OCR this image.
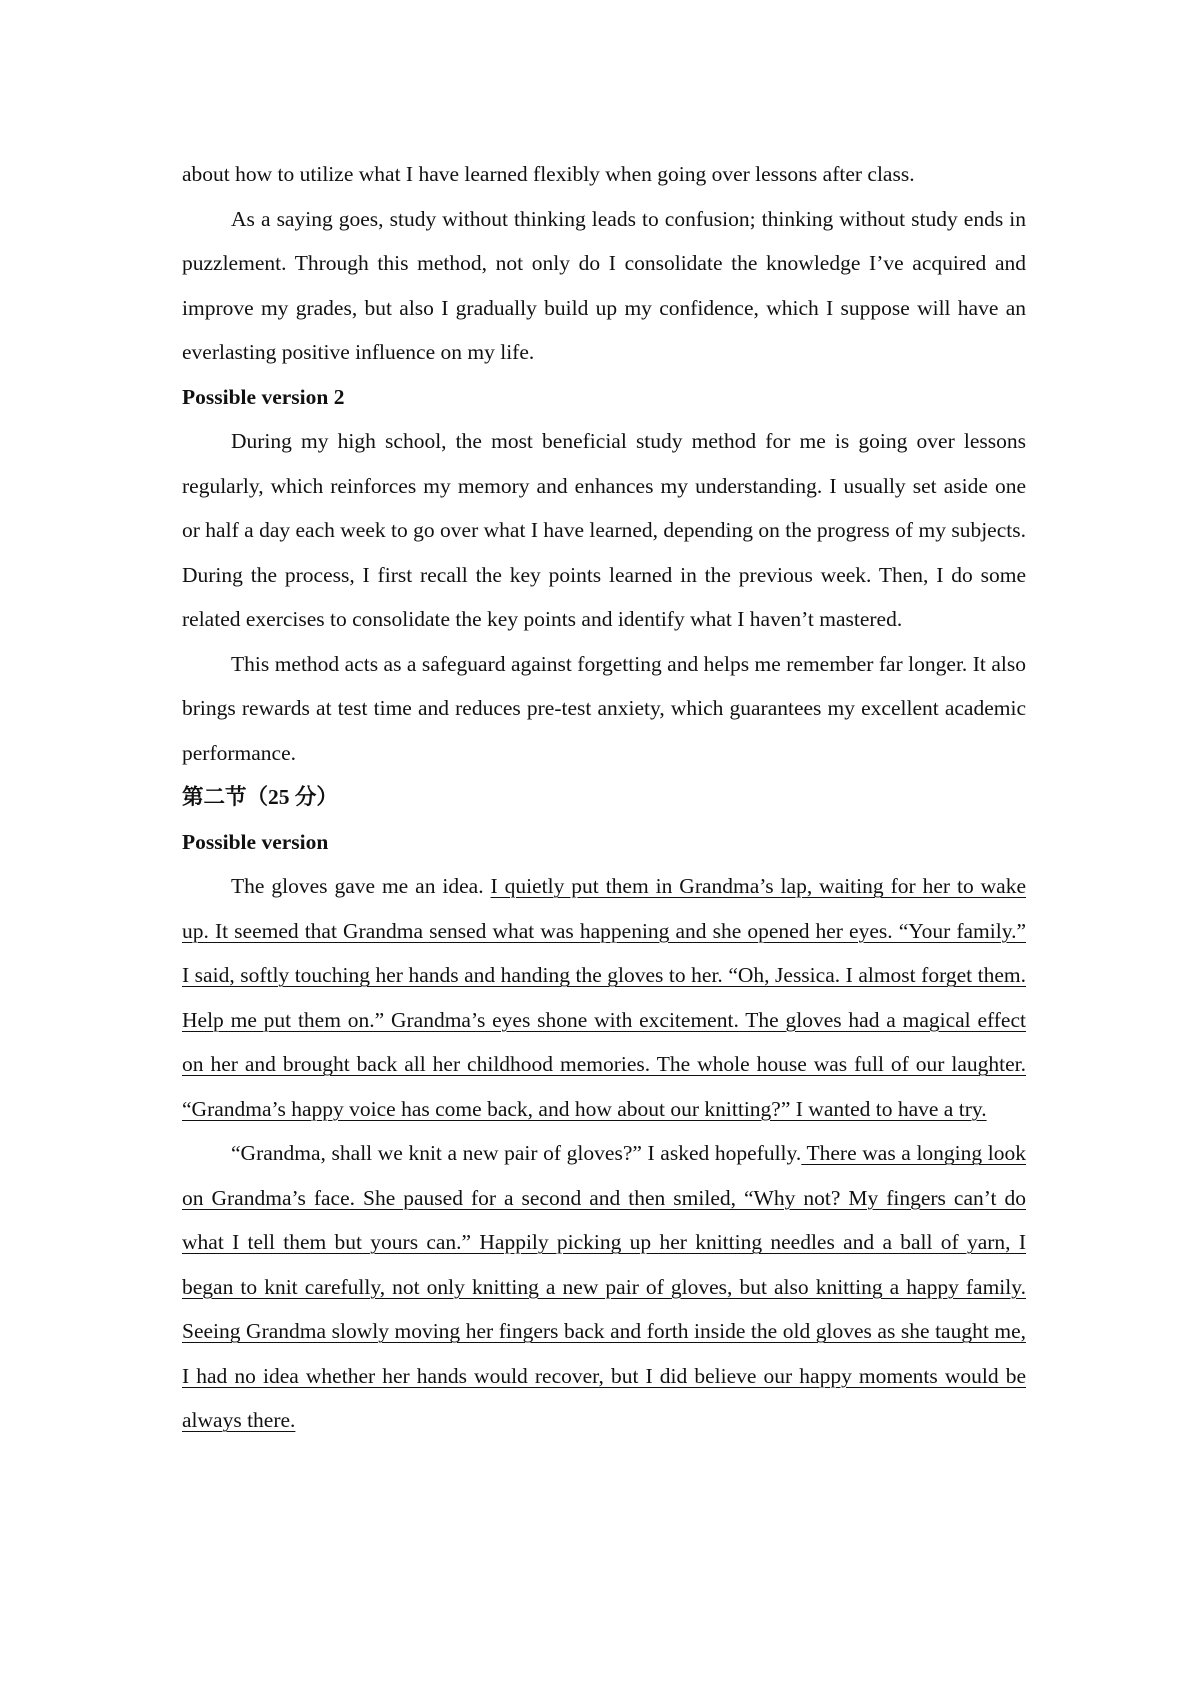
about how to utilize what I have learned flexibly when going over lessons after class.

As a saying goes, study without thinking leads to confusion; thinking without study ends in puzzlement. Through this method, not only do I consolidate the knowledge I’ve acquired and improve my grades, but also I gradually build up my confidence, which I suppose will have an everlasting positive influence on my life.

Possible version 2

During my high school, the most beneficial study method for me is going over lessons regularly, which reinforces my memory and enhances my understanding. I usually set aside one or half a day each week to go over what I have learned, depending on the progress of my subjects. During the process, I first recall the key points learned in the previous week. Then, I do some related exercises to consolidate the key points and identify what I haven’t mastered.

This method acts as a safeguard against forgetting and helps me remember far longer. It also brings rewards at test time and reduces pre-test anxiety, which guarantees my excellent academic performance.

第二节（25 分）

Possible version

The gloves gave me an idea. I quietly put them in Grandma’s lap, waiting for her to wake up. It seemed that Grandma sensed what was happening and she opened her eyes. “Your family.” I said, softly touching her hands and handing the gloves to her. “Oh, Jessica. I almost forget them. Help me put them on.” Grandma’s eyes shone with excitement. The gloves had a magical effect on her and brought back all her childhood memories. The whole house was full of our laughter. “Grandma’s happy voice has come back, and how about our knitting?” I wanted to have a try.

“Grandma, shall we knit a new pair of gloves?” I asked hopefully. There was a longing look on Grandma’s face. She paused for a second and then smiled, “Why not? My fingers can’t do what I tell them but yours can.” Happily picking up her knitting needles and a ball of yarn, I began to knit carefully, not only knitting a new pair of gloves, but also knitting a happy family. Seeing Grandma slowly moving her fingers back and forth inside the old gloves as she taught me, I had no idea whether her hands would recover, but I did believe our happy moments would be always there.
